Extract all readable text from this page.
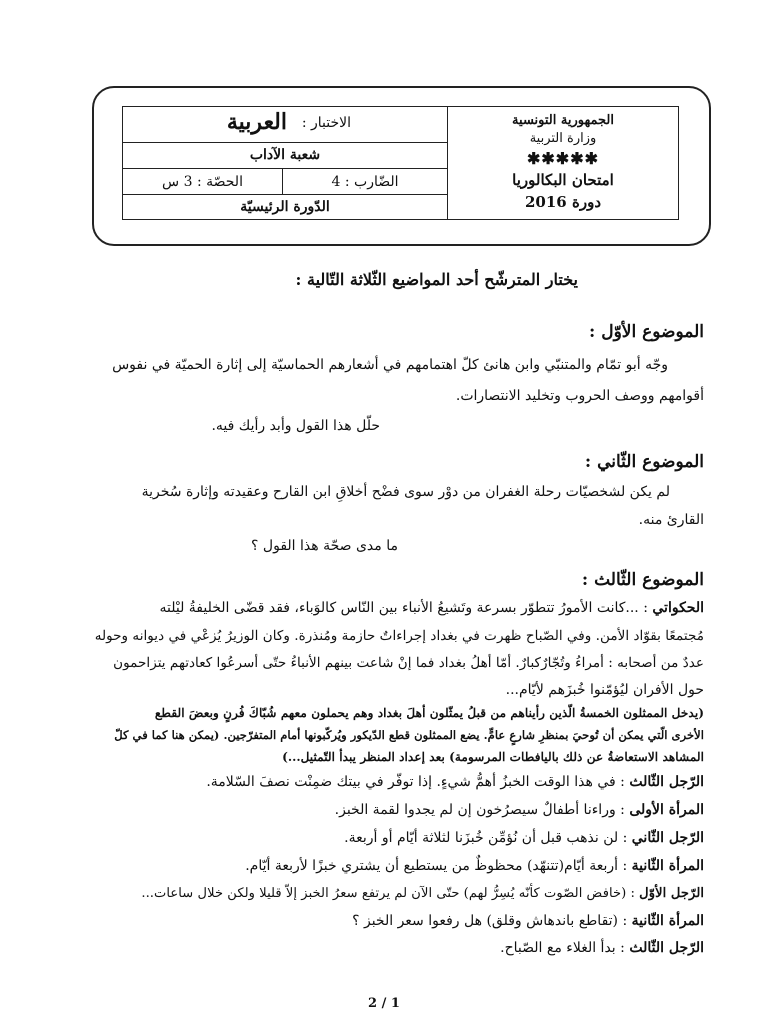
الاختبار :
العربية
شعبة الآداب
الضّارب : 4
الحصّة : 3 س
الدّورة الرئيسيّة
الجمهورية التونسية
وزارة التربية
✱✱✱✱✱
امتحان البكالوريا
دورة 2016
يختار المترشّح أحد المواضيع الثّلاثة التّالية :
الموضوع الأوّل :
وجّه أبو تمّام والمتنبّي وابن هانئ كلّ اهتمامهم في أشعارهم الحماسيّة إلى إثارة الحميّة في نفوس
أقوامهم ووصف الحروب وتخليد الانتصارات.
حلّل هذا القول وأبد رأيك فيه.
الموضوع الثّاني :
لم يكن لشخصيّات رحلة الغفران من دوْر سوى فضْح أخلاقِ ابن القارح وعقيدته وإثارة سُخرية
القارئ منه.
ما مدى صحّة هذا القول ؟
الموضوع الثّالث :
الحكواتي : ...كانت الأمورُ تتطوّر بسرعة وتَشيعُ الأنباء بين النّاس كالوَباء، فقد قضّى الخليفةُ ليْلته
مُجتمعًا بقوّاد الأمن. وفي الصّباح ظهرت في بغداد إجراءاتٌ حازمة ومُنذرة. وكان الوزيرُ يُزعْي في ديوانه وحوله
عددٌ من أصحابه : أمراءُ وتُجّارٌكبارٌ. أمّا أهلُ بغداد فما إنْ شاعت بينهم الأنباءُ حتّى أسرعُوا كعادتهم يتزاحمون
حول الأفران ليُؤمّنوا خُبزَهم لأيّام...
(يدخل الممثلون الخمسةُ الّذين رأيناهم من قبلُ يمثّلون أهلَ بغداد وهم يحملون معهم شُبّاكَ فُرنٍ وبعضَ القطع
الأخرى الّتي يمكن أن تُوحيَ بمنظرِ شارعٍ عامٍّ. يضع الممثلون قطع الدّيكور ويُركّبونها أمام المتفرّجين. (يمكن هنا كما في كلّ
المشاهد الاستعاضةُ عن ذلك باليافطات المرسومة) بعد إعداد المنظر يبدأ التّمثيل...)
الرّجل الثّالث : في هذا الوقت الخبزُ أهمُّ شيءٍ. إذا توفّر في بيتك ضمِنْت نصفَ السّلامة.
المرأة الأولى : وراءنا أطفالٌ سيصرُخون إن لم يجدوا لقمة الخبز.
الرّجل الثّاني : لن نذهب قبل أن نُؤمِّن خُبزَنا لثلاثة أيّام أو أربعة.
المرأة الثّانية : أربعة أيّام(تتنهّد) محظوظٌ من يستطيع أن يشتري خبزًا لأربعة أيّام.
الرّجل الأوّل : (خافض الصّوت كأنّه يُسِرُّ لهم) حتّى الآن لم يرتفع سعرُ الخبز إلاّ قليلا ولكن خلال ساعات...
المرأة الثّانية : (تقاطع باندهاش وقلق) هل رفعوا سعر الخبز ؟
الرّجل الثّالث : بدأ الغلاء مع الصّباح.
2 / 1
